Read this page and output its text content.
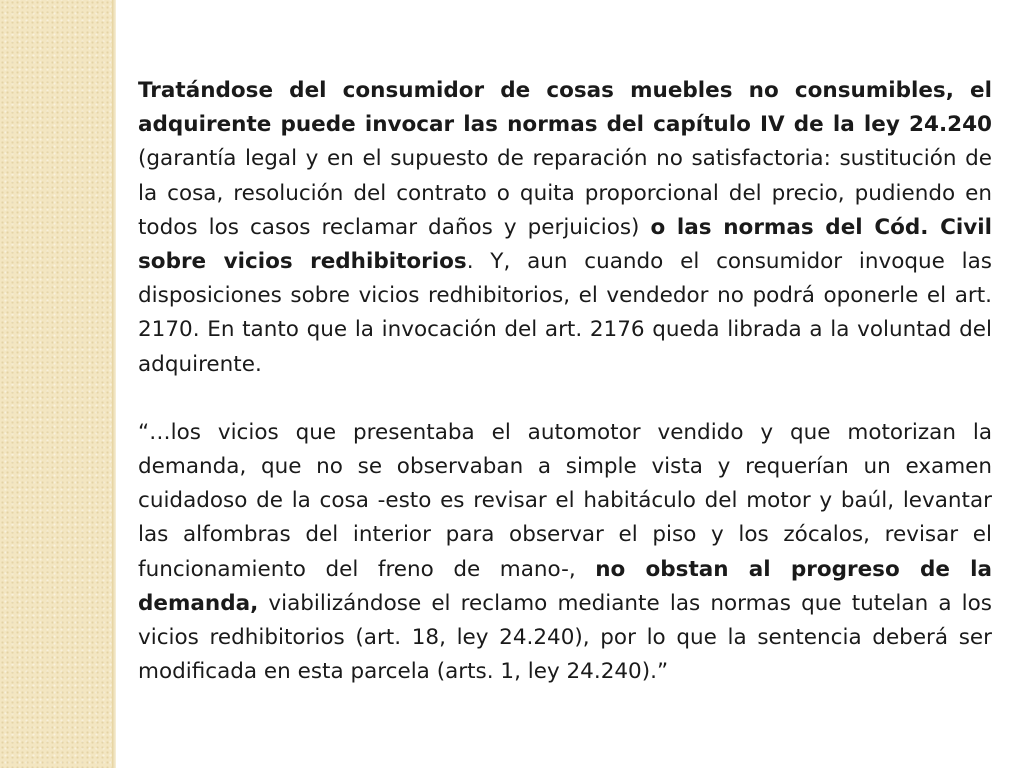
Tratándose del consumidor de cosas muebles no consumibles, el adquirente puede invocar las normas del capítulo IV de la ley 24.240 (garantía legal y en el supuesto de reparación no satisfactoria: sustitución de la cosa, resolución del contrato o quita proporcional del precio, pudiendo en todos los casos reclamar daños y perjuicios) o las normas del Cód. Civil sobre vicios redhibitorios. Y, aun cuando el consumidor invoque las disposiciones sobre vicios redhibitorios, el vendedor no podrá oponerle el art. 2170. En tanto que la invocación del art. 2176 queda librada a la voluntad del adquirente.

“…los vicios que presentaba el automotor vendido y que motorizan la demanda, que no se observaban a simple vista y requerían un examen cuidadoso de la cosa -esto es revisar el habitáculo del motor y baúl, levantar las alfombras del interior para observar el piso y los zócalos, revisar el funcionamiento del freno de mano-, no obstan al progreso de la demanda, viabilizándose el reclamo mediante las normas que tutelan a los vicios redhibitorios (art. 18, ley 24.240), por lo que la sentencia deberá ser modificada en esta parcela (arts. 1, ley 24.240).”
